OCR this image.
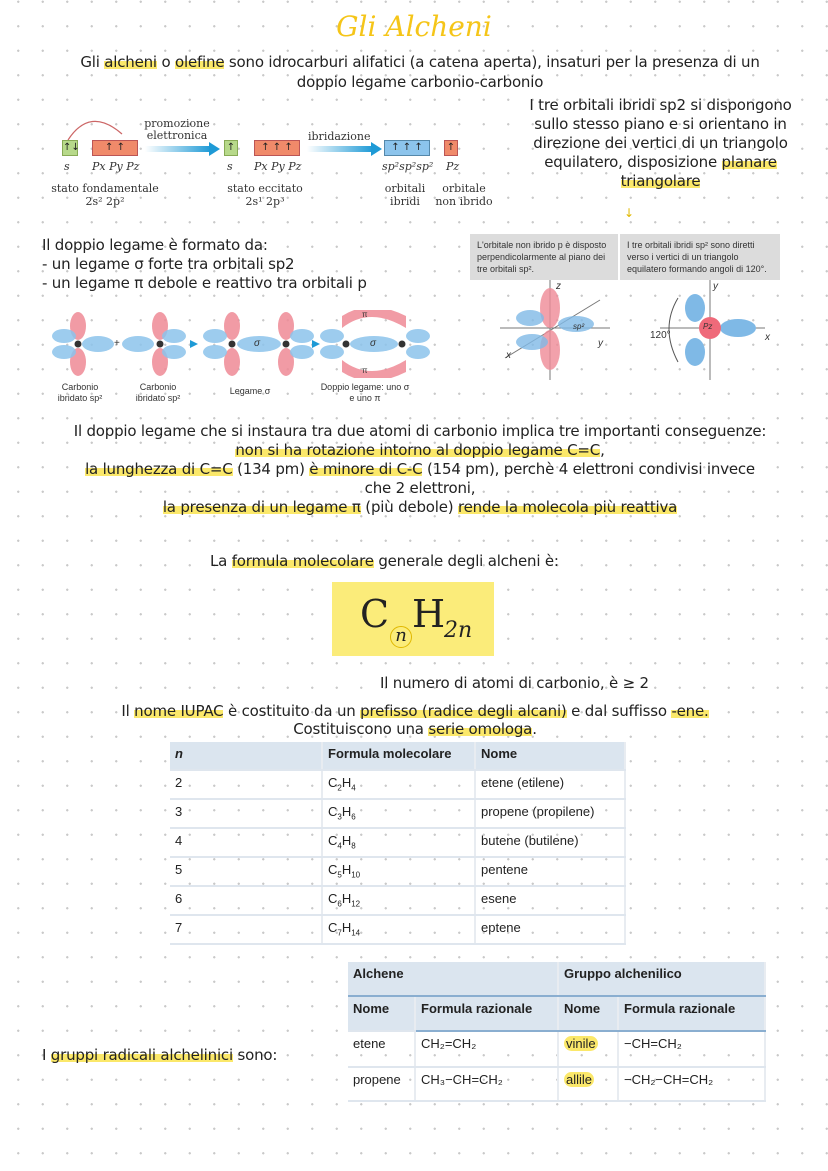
Gli Alcheni
Gli alcheni o olefine sono idrocarburi alifatici (a catena aperta), insaturi per la presenza di un doppio legame carbonio-carbonio
↑↓	↑ ↑
s Px Py Pz
stato fondamentale
2s² 2p²
promozione elettronica
↑	↑ ↑ ↑
s Px Py Pz
stato eccitato
2s¹ 2p³
ibridazione
↑ ↑ ↑	↑
sp²sp²sp² Pz
orbitali ibridi
orbitale non ibrido
I tre orbitali ibridi sp2 si dispongono sullo stesso piano e si orientano in direzione dei vertici di un triangolo equilatero, disposizione planare triangolare
↓
Il doppio legame è formato da:
- un legame σ forte tra orbitali sp2
- un legame π debole e reattivo tra orbitali p
L'orbitale non ibrido p è disposto perpendicolarmente al piano dei tre orbitali sp².
I tre orbitali ibridi sp² sono diretti verso i vertici di un triangolo equilatero formando angoli di 120°.
z
y
x
y
x
120°
Pz
sp²
+	σ	σ
π
π
Carbonio ibridato sp²
Carbonio ibridato sp²
Legame σ	Doppio legame: uno σ e uno π
Il doppio legame che si instaura tra due atomi di carbonio implica tre importanti conseguenze:
non si ha rotazione intorno al doppio legame C=C,
la lunghezza di C=C (134 pm) è minore di C-C (154 pm), perchè 4 elettroni condivisi invece che 2 elettroni,
la presenza di un legame π (più debole) rende la molecola più reattiva
La formula molecolare generale degli alcheni è:
C n H
2n
Il numero di atomi di carbonio, è ≥ 2
Il nome IUPAC è costituito da un prefisso (radice degli alcani) e dal suffisso -ene.
Costituiscono una serie omologa.
n	Formula molecolare	Nome
2	$C_2H_4$	etene (etilene)
3	$C_3H_6$	propene (propilene)
4	$C_4H_8$	butene (butilene)
5	$C_5H_{10}$	pentene
6	$C_6H_{12}$	esene
7	$C_7H_{14}$	eptene
I gruppi radicali alchelinici sono:
Alchene		Gruppo alchenilico	
Nome	Formula razionale	Nome	Formula razionale
etene	CH₂=CH₂	vinile	−CH=CH₂
propene	CH₃−CH=CH₂	allile	−CH₂−CH=CH₂
